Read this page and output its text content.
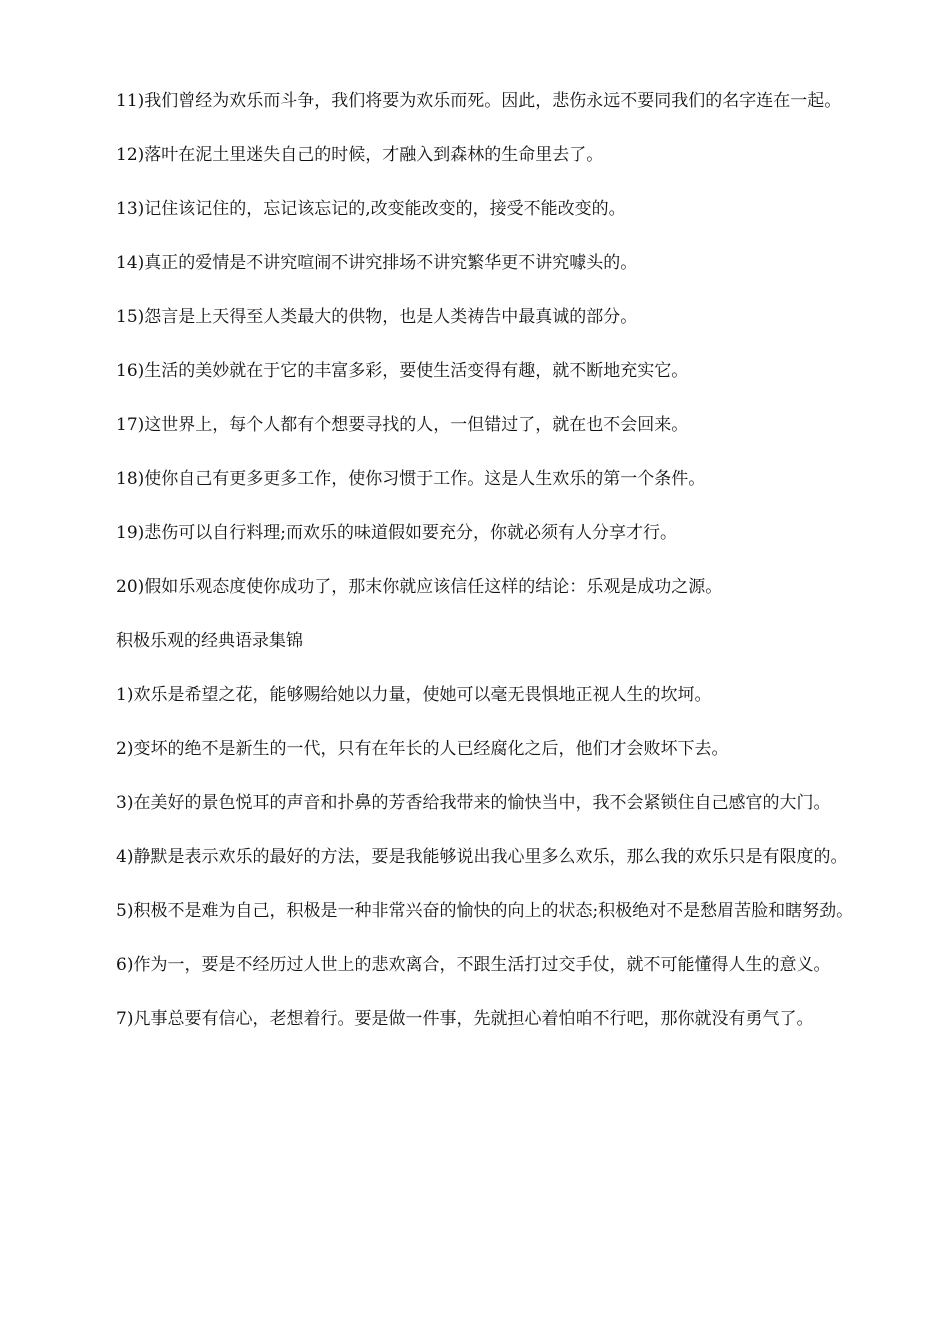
11)我们曾经为欢乐而斗争，我们将要为欢乐而死。因此，悲伤永远不要同我们的名字连在一起。

12)落叶在泥土里迷失自己的时候，才融入到森林的生命里去了。

13)记住该记住的，忘记该忘记的,改变能改变的，接受不能改变的。

14)真正的爱情是不讲究喧闹不讲究排场不讲究繁华更不讲究噱头的。

15)怨言是上天得至人类最大的供物，也是人类祷告中最真诚的部分。

16)生活的美妙就在于它的丰富多彩，要使生活变得有趣，就不断地充实它。

17)这世界上，每个人都有个想要寻找的人，一但错过了，就在也不会回来。

18)使你自己有更多更多工作，使你习惯于工作。这是人生欢乐的第一个条件。

19)悲伤可以自行料理;而欢乐的味道假如要充分，你就必须有人分享才行。

20)假如乐观态度使你成功了，那末你就应该信任这样的结论：乐观是成功之源。

积极乐观的经典语录集锦

1)欢乐是希望之花，能够赐给她以力量，使她可以毫无畏惧地正视人生的坎坷。

2)变坏的绝不是新生的一代，只有在年长的人已经腐化之后，他们才会败坏下去。

3)在美好的景色悦耳的声音和扑鼻的芳香给我带来的愉快当中，我不会紧锁住自己感官的大门。

4)静默是表示欢乐的最好的方法，要是我能够说出我心里多么欢乐，那么我的欢乐只是有限度的。

5)积极不是难为自己，积极是一种非常兴奋的愉快的向上的状态;积极绝对不是愁眉苦脸和瞎努劲。

6)作为一，要是不经历过人世上的悲欢离合，不跟生活打过交手仗，就不可能懂得人生的意义。

7)凡事总要有信心，老想着行。要是做一件事，先就担心着怕咱不行吧，那你就没有勇气了。
